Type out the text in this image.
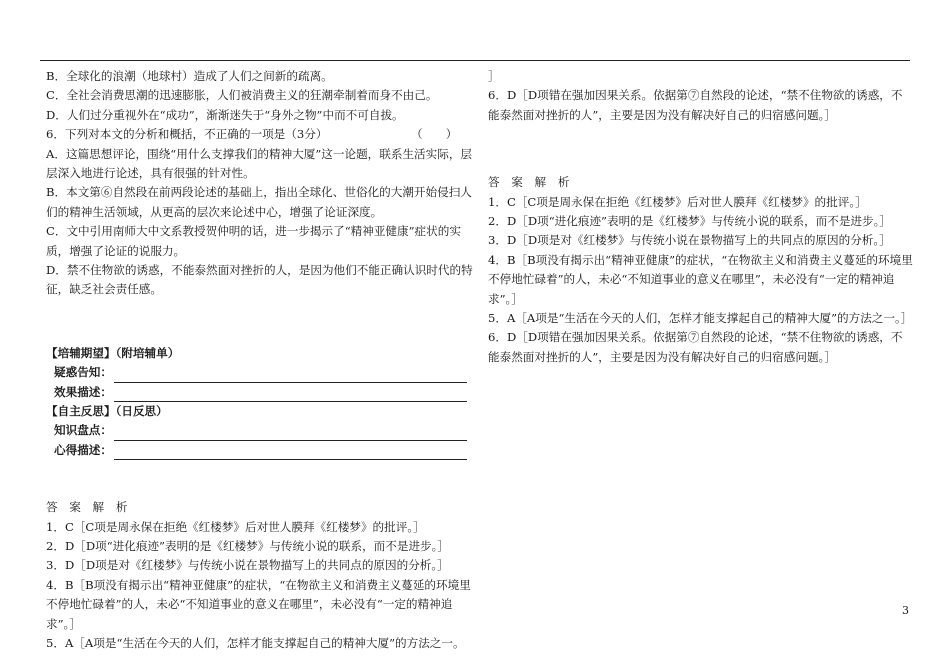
B．全球化的浪潮（地球村）造成了人们之间新的疏离。
C．全社会消费思潮的迅速膨胀，人们被消费主义的狂潮牵制着而身不由己。
D．人们过分重视外在“成功”，渐渐迷失于“身外之物”中而不可自拔。
6．下列对本文的分析和概括，不正确的一项是（3分）	（　　）
A．这篇思想评论，围绕“用什么支撑我们的精神大厦”这一论题，联系生活实际，层层深入地进行论述，具有很强的针对性。
B．本文第⑥自然段在前两段论述的基础上，指出全球化、世俗化的大潮开始侵扫人们的精神生活领域，从更高的层次来论述中心，增强了论证深度。
C．文中引用南师大中文系教授贺仲明的话，进一步揭示了“精神亚健康”症状的实质，增强了论证的说服力。
D．禁不住物欲的诱惑，不能泰然面对挫折的人，是因为他们不能正确认识时代的特征，缺乏社会责任感。
【培辅期望】（附培辅单）
疑惑告知：
效果描述：
【自主反思】（日反思）
知识盘点：
心得描述：
答 案 解 析
1．C［C项是周永保在拒绝《红楼梦》后对世人膜拜《红楼梦》的批评。］
2．D［D项“进化痕迹”表明的是《红楼梦》与传统小说的联系，而不是进步。］
3．D［D项是对《红楼梦》与传统小说在景物描写上的共同点的原因的分析。］
4．B［B项没有揭示出“精神亚健康”的症状，“在物欲主义和消费主义蔓延的环境里不停地忙碌着”的人，未必“不知道事业的意义在哪里”，未必没有“一定的精神追求”。］
5．A［A项是“生活在今天的人们，怎样才能支撑起自己的精神大厦”的方法之一。
］
6．D［D项错在强加因果关系。依据第⑦自然段的论述，“禁不住物欲的诱惑，不能泰然面对挫折的人”，主要是因为没有解决好自己的归宿感问题。］
答 案 解 析
1．C［C项是周永保在拒绝《红楼梦》后对世人膜拜《红楼梦》的批评。］
2．D［D项“进化痕迹”表明的是《红楼梦》与传统小说的联系，而不是进步。］
3．D［D项是对《红楼梦》与传统小说在景物描写上的共同点的原因的分析。］
4．B［B项没有揭示出“精神亚健康”的症状，“在物欲主义和消费主义蔓延的环境里不停地忙碌着”的人，未必“不知道事业的意义在哪里”，未必没有“一定的精神追求”。］
5．A［A项是“生活在今天的人们，怎样才能支撑起自己的精神大厦”的方法之一。］
6．D［D项错在强加因果关系。依据第⑦自然段的论述，“禁不住物欲的诱惑，不能泰然面对挫折的人”，主要是因为没有解决好自己的归宿感问题。］
3
